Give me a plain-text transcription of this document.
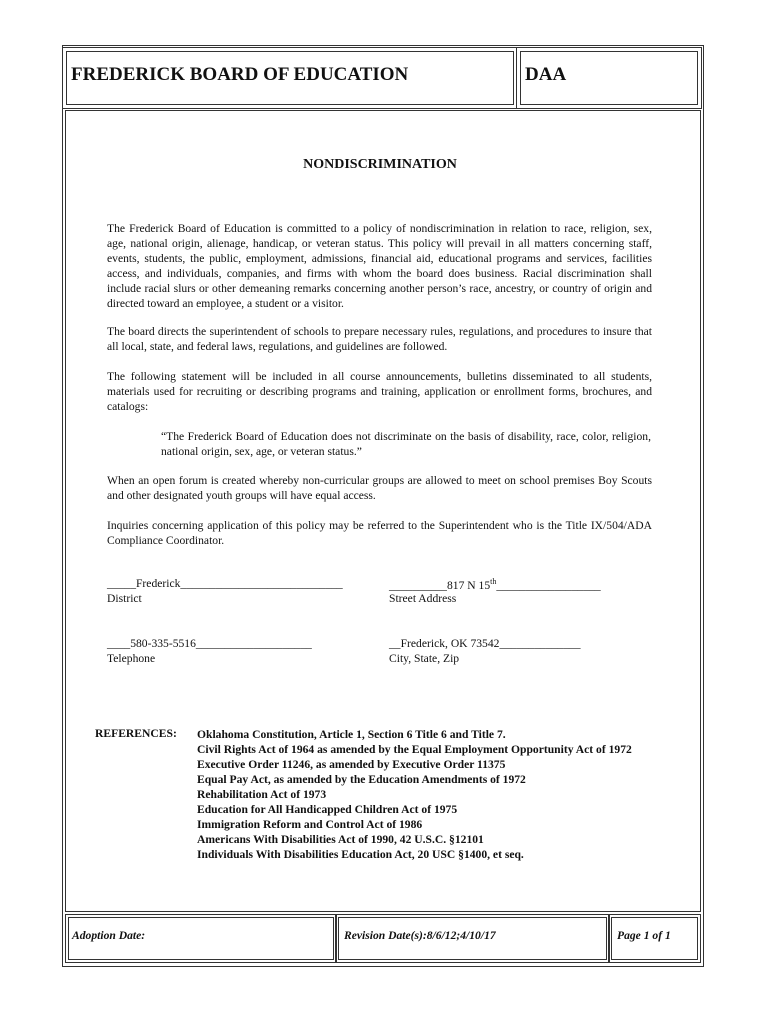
FREDERICK BOARD OF EDUCATION	DAA
NONDISCRIMINATION
The Frederick Board of Education is committed to a policy of nondiscrimination in relation to race, religion, sex, age, national origin, alienage, handicap, or veteran status. This policy will prevail in all matters concerning staff, events, students, the public, employment, admissions, financial aid, educational programs and services, facilities access, and individuals, companies, and firms with whom the board does business. Racial discrimination shall include racial slurs or other demeaning remarks concerning another person’s race, ancestry, or country of origin and directed toward an employee, a student or a visitor.
The board directs the superintendent of schools to prepare necessary rules, regulations, and procedures to insure that all local, state, and federal laws, regulations, and guidelines are followed.
The following statement will be included in all course announcements, bulletins disseminated to all students, materials used for recruiting or describing programs and training, application or enrollment forms, brochures, and catalogs:
“The Frederick Board of Education does not discriminate on the basis of disability, race, color, religion, national origin, sex, age, or veteran status.”
When an open forum is created whereby non-curricular groups are allowed to meet on school premises Boy Scouts and other designated youth groups will have equal access.
Inquiries concerning application of this policy may be referred to the Superintendent who is the Title IX/504/ADA Compliance Coordinator.
_____Frederick____________________________
District
__________817 N 15th__________________
Street Address
____580-335-5516____________________
Telephone
__Frederick, OK 73542______________
City, State, Zip
REFERENCES: Oklahoma Constitution, Article 1, Section 6 Title 6 and Title 7.
Civil Rights Act of 1964 as amended by the Equal Employment Opportunity Act of 1972
Executive Order 11246, as amended by Executive Order 11375
Equal Pay Act, as amended by the Education Amendments of 1972
Rehabilitation Act of 1973
Education for All Handicapped Children Act of 1975
Immigration Reform and Control Act of 1986
Americans With Disabilities Act of 1990, 42 U.S.C. §12101
Individuals With Disabilities Education Act, 20 USC §1400, et seq.
Adoption Date:	Revision Date(s):8/6/12;4/10/17	Page 1 of 1
